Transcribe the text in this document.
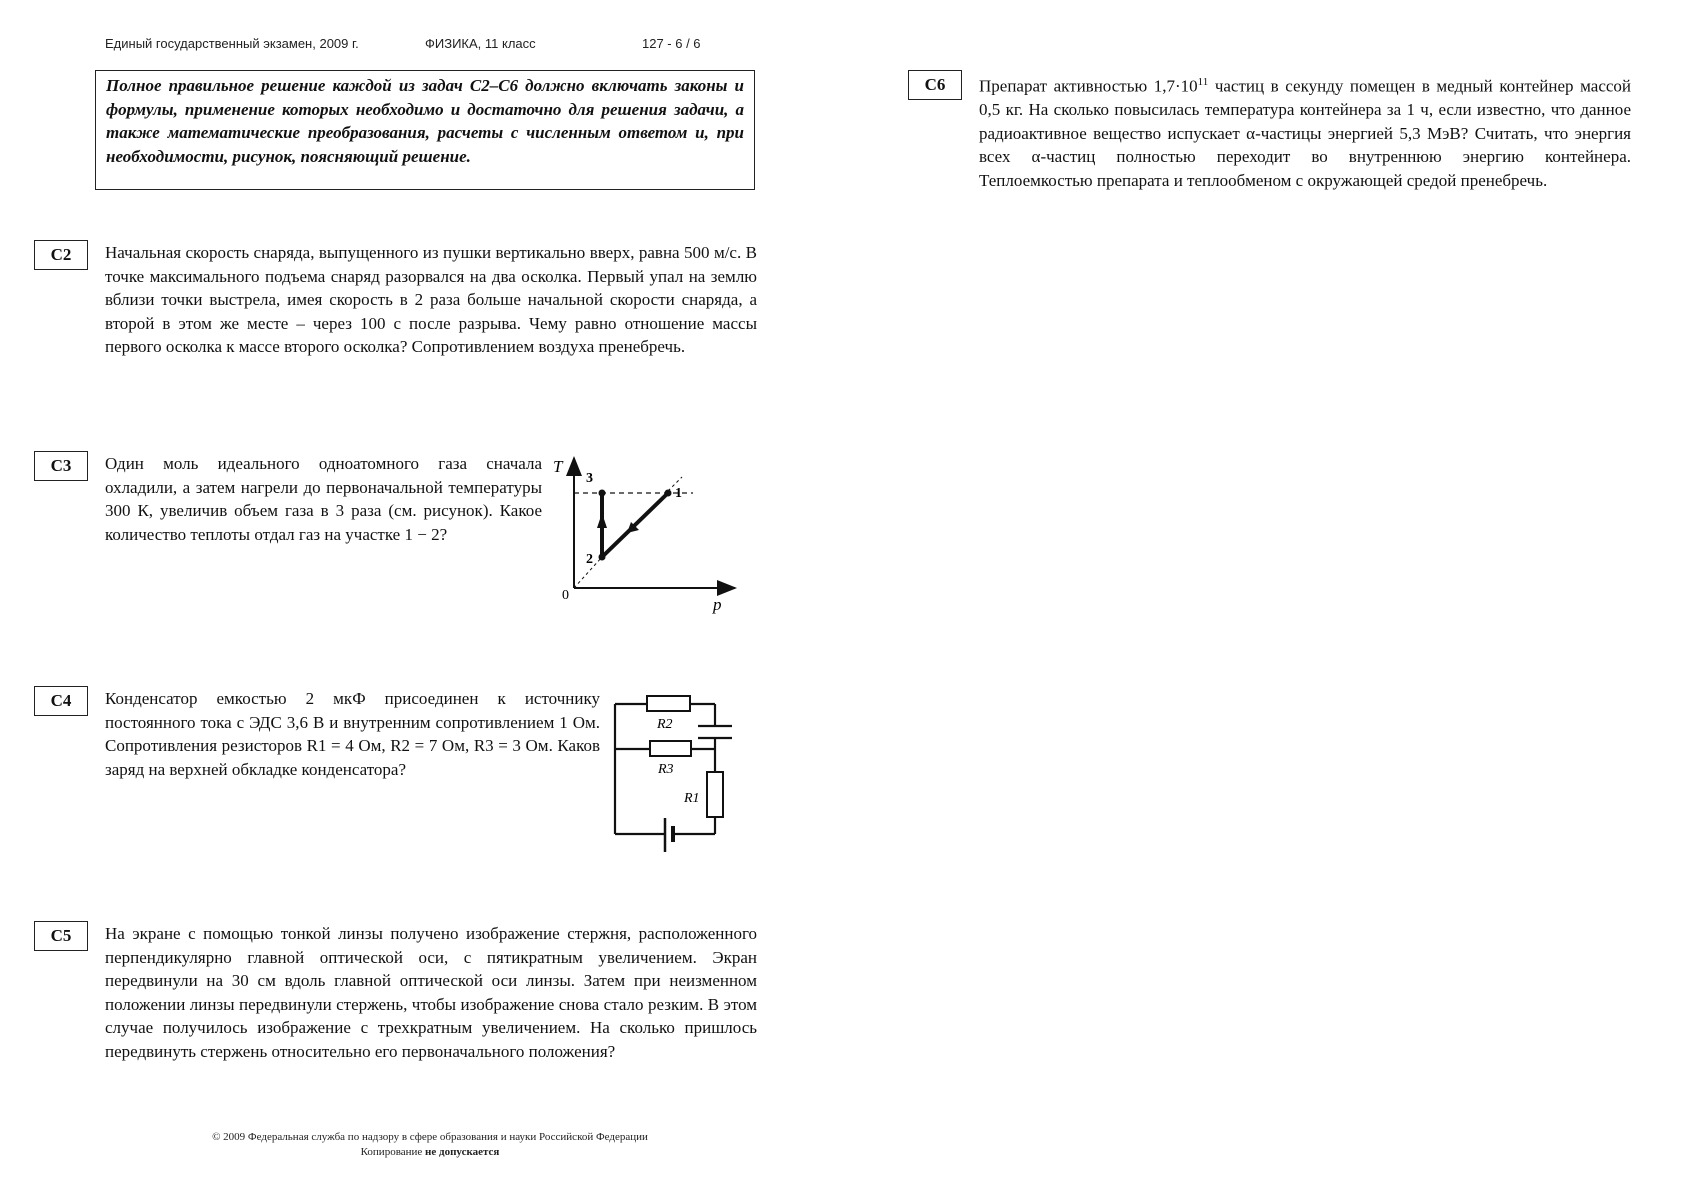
Единый государственный экзамен, 2009 г.	ФИЗИКА, 11 класс	127 - 6 / 6
Полное правильное решение каждой из задач С2–С6 должно включать законы и формулы, применение которых необходимо и достаточно для решения задачи, а также математические преобразования, расчеты с численным ответом и, при необходимости, рисунок, поясняющий решение.
С2	Начальная скорость снаряда, выпущенного из пушки вертикально вверх, равна 500 м/с. В точке максимального подъема снаряд разорвался на два осколка. Первый упал на землю вблизи точки выстрела, имея скорость в 2 раза больше начальной скорости снаряда, а второй в этом же месте – через 100 с после разрыва. Чему равно отношение массы первого осколка к массе второго осколка? Сопротивлением воздуха пренебречь.
С3	Один моль идеального одноатомного газа сначала охладили, а затем нагрели до первоначальной температуры 300 К, увеличив объем газа в 3 раза (см. рисунок). Какое количество теплоты отдал газ на участке 1 − 2?
T
p
0
1
2
3
С4	Конденсатор емкостью 2 мкФ присоединен к источнику постоянного тока с ЭДС 3,6 В и внутренним сопротивлением 1 Ом. Сопротивления резисторов R1 = 4 Ом, R2 = 7 Ом, R3 = 3 Ом. Каков заряд на верхней обкладке конденсатора?
R2
R3
R1
С5	На экране с помощью тонкой линзы получено изображение стержня, расположенного перпендикулярно главной оптической оси, с пятикратным увеличением. Экран передвинули на 30 см вдоль главной оптической оси линзы. Затем при неизменном положении линзы передвинули стержень, чтобы изображение снова стало резким. В этом случае получилось изображение с трехкратным увеличением. На сколько пришлось передвинуть стержень относительно его первоначального положения?
С6	Препарат активностью $1,7\cdot 10^{11}$ частиц в секунду помещен в медный контейнер массой 0,5 кг. На сколько повысилась температура контейнера за 1 ч, если известно, что данное радиоактивное вещество испускает α-частицы энергией 5,3 МэВ? Считать, что энергия всех α-частиц полностью переходит во внутреннюю энергию контейнера. Теплоемкостью препарата и теплообменом с окружающей средой пренебречь.
© 2009 Федеральная служба по надзору в сфере образования и науки Российской Федерации
Копирование не допускается
